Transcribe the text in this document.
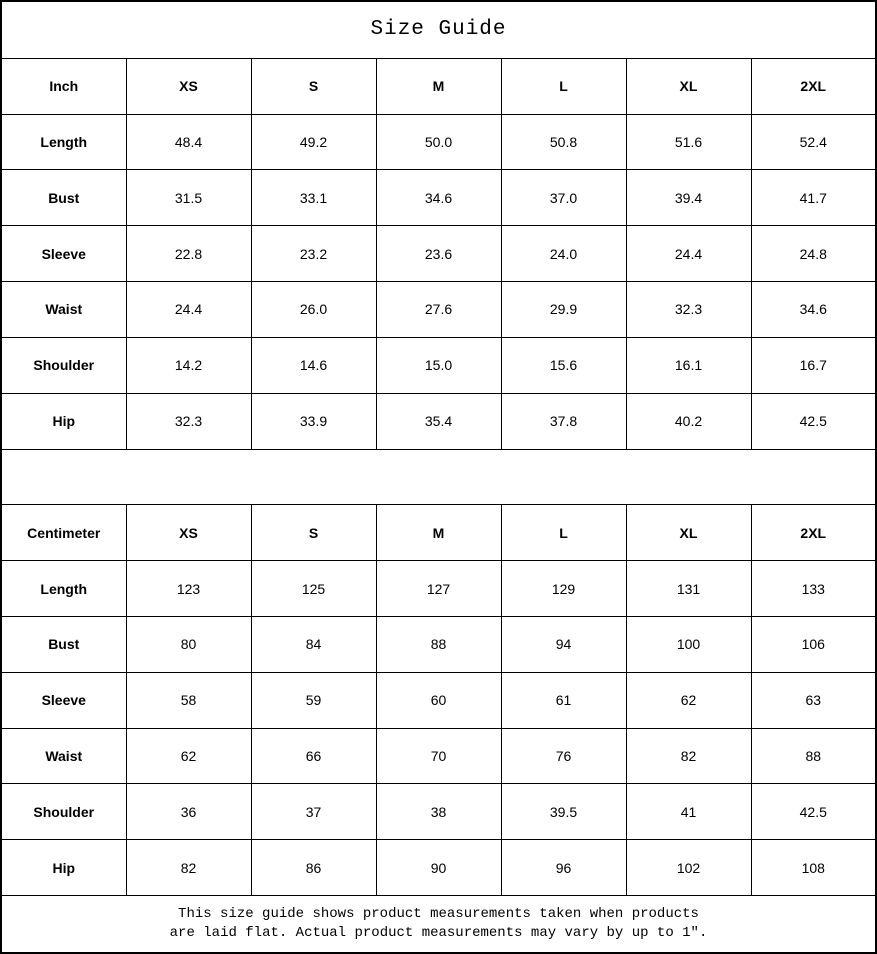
Size Guide						
Inch	XS	S	M	L	XL	2XL
Length	48.4	49.2	50.0	50.8	51.6	52.4
Bust	31.5	33.1	34.6	37.0	39.4	41.7
Sleeve	22.8	23.2	23.6	24.0	24.4	24.8
Waist	24.4	26.0	27.6	29.9	32.3	34.6
Shoulder	14.2	14.6	15.0	15.6	16.1	16.7
Hip	32.3	33.9	35.4	37.8	40.2	42.5

Centimeter	XS	S	M	L	XL	2XL
Length	123	125	127	129	131	133
Bust	80	84	88	94	100	106
Sleeve	58	59	60	61	62	63
Waist	62	66	70	76	82	88
Shoulder	36	37	38	39.5	41	42.5
Hip	82	86	90	96	102	108

This size guide shows product measurements taken when products
are laid flat. Actual product measurements may vary by up to 1″.						
